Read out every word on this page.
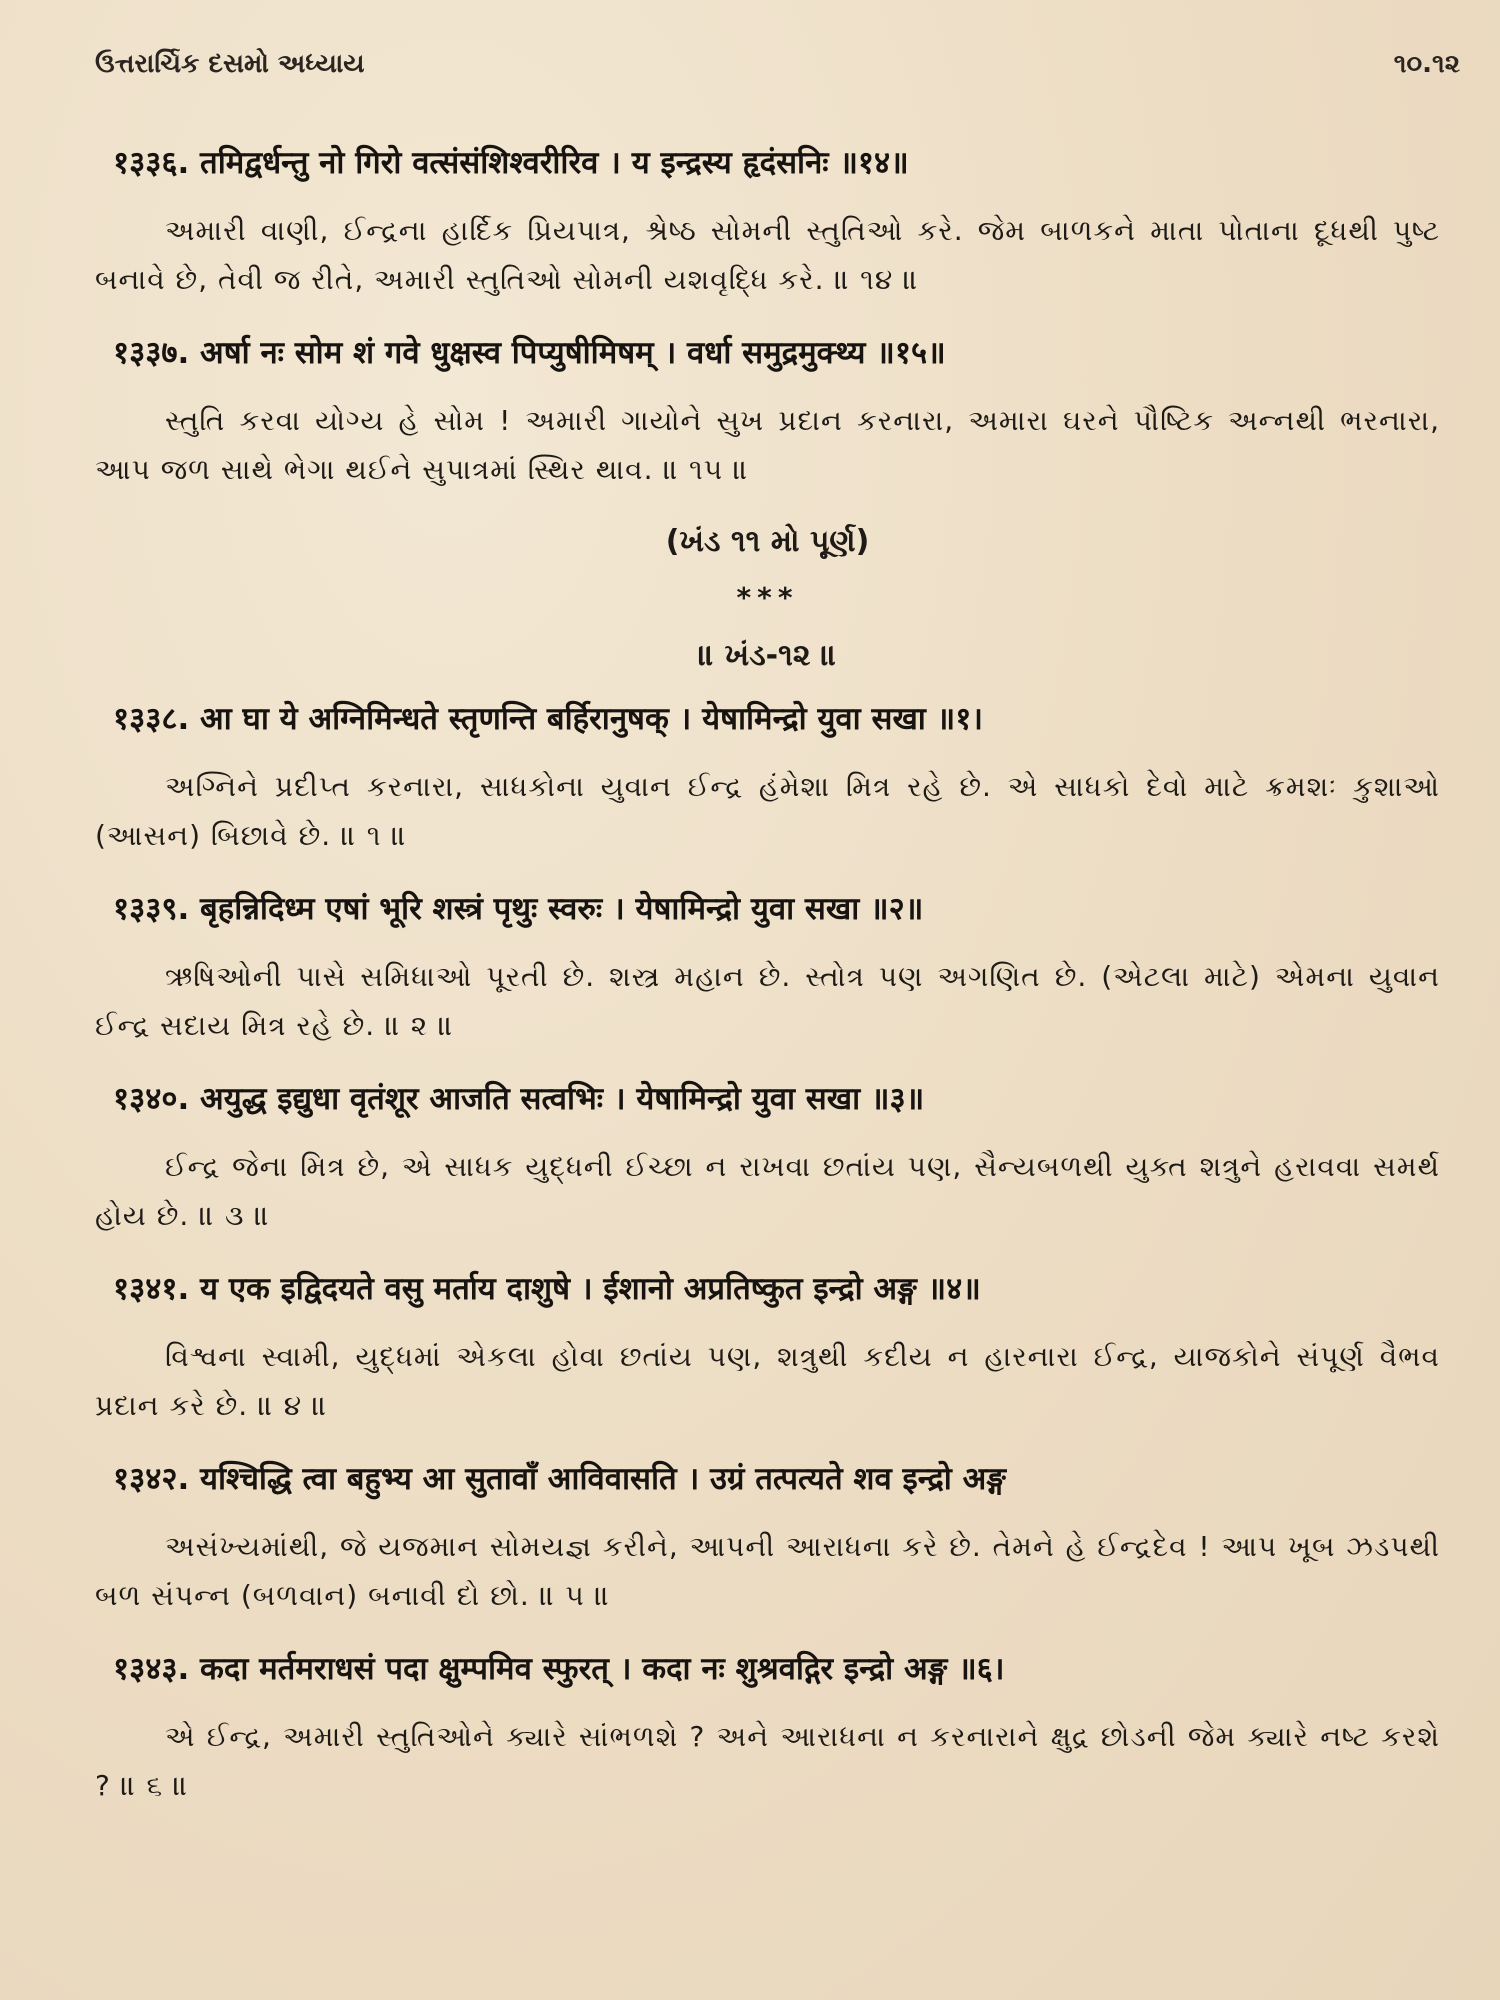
ઉત્તરાર્ચિક દસમો અધ્યાય	૧૦.૧૨
१३३६. तमिद्वर्धन्तु नो गिरो वत्संसंशिश्वरीरिव । य इन्द्रस्य हृदंसनिः ॥१४॥
અમારી વાણી, ઈન્દ્રના હાર્દિક પ્રિયપાત્ર, શ્રેષ્ઠ સોમની સ્તુતિઓ કરે. જેમ બાળકને માતા પોતાના દૂધથી પુષ્ટ બનાવે છે, તેવી જ રીતે, અમારી સ્તુતિઓ સોમની યશવૃદ્ધિ કરે. ॥ ૧૪ ॥
१३३७. अर्षा नः सोम शं गवे धुक्षस्व पिप्युषीमिषम् । वर्धा समुद्रमुक्थ्य ॥१५॥
સ્તુતિ કરવા યોગ્ય હે સોમ ! અમારી ગાયોને સુખ પ્રદાન કરનારા, અમારા ઘરને પૌષ્ટિક અન્નથી ભરનારા, આપ જળ સાથે ભેગા થઈને સુપાત્રમાં સ્થિર થાવ. ॥ ૧૫ ॥
(ખંડ ૧૧ મો પૂર્ણ)
***
॥ ખંડ-૧૨ ॥
१३३८. आ घा ये अग्निमिन्धते स्तृणन्ति बर्हिरानुषक् । येषामिन्द्रो युवा सखा ॥१।
અગ્નિને પ્રદીપ્ત કરનારા, સાધકોના યુવાન ઈન્દ્ર હંમેશા મિત્ર રહે છે. એ સાધકો દેવો માટે ક્રમશઃ કુશાઓ (આસન) બિછાવે છે. ॥ ૧ ॥
१३३९. बृहन्निदिध्म एषां भूरि शस्त्रं पृथुः स्वरुः । येषामिन्द्रो युवा सखा ॥२॥
ઋષિઓની પાસે સમિધાઓ પૂરતી છે. શસ્ત્ર મહાન છે. સ્તોત્ર પણ અગણિત છે. (એટલા માટે) એમના યુવાન ઈન્દ્ર સદાય મિત્ર રહે છે. ॥ ૨ ॥
१३४०. अयुद्ध इद्युधा वृतंशूर आजति सत्वभिः । येषामिन्द्रो युवा सखा ॥३॥
ઈન્દ્ર જેના મિત્ર છે, એ સાધક યુદ્ધની ઈચ્છા ન રાખવા છતાંય પણ, સૈન્યબળથી યુક્ત શત્રુને હરાવવા સમર્થ હોય છે. ॥ ૩ ॥
१३४१. य एक इद्विदयते वसु मर्ताय दाशुषे । ईशानो अप्रतिष्कुत इन्द्रो अङ्ग ॥४॥
વિશ્વના સ્વામી, યુદ્ધમાં એકલા હોવા છતાંય પણ, શત્રુથી કદીય ન હારનારા ઈન્દ્ર, યાજકોને સંપૂર્ણ વૈભવ પ્રદાન કરે છે. ॥ ૪ ॥
१३४२. यश्चिद्धि त्वा बहुभ्य आ सुतावाँ आविवासति । उग्रं तत्पत्यते शव इन्द्रो अङ्ग
અસંખ્યમાંથી, જે યજમાન સોમયજ્ઞ કરીને, આપની આરાધના કરે છે. તેમને હે ઈન્દ્રદેવ ! આપ ખૂબ ઝડપથી બળ સંપન્ન (બળવાન) બનાવી દો છો. ॥ ૫ ॥
१३४३. कदा मर्तमराधसं पदा क्षुम्पमिव स्फुरत् । कदा नः शुश्रवद्गिर इन्द्रो अङ्ग ॥६।
એ ઈન્દ્ર, અમારી સ્તુતિઓને ક્યારે સાંભળશે ? અને આરાધના ન કરનારાને ક્ષુદ્ર છોડની જેમ ક્યારે નષ્ટ કરશે ? ॥ ૬ ॥
